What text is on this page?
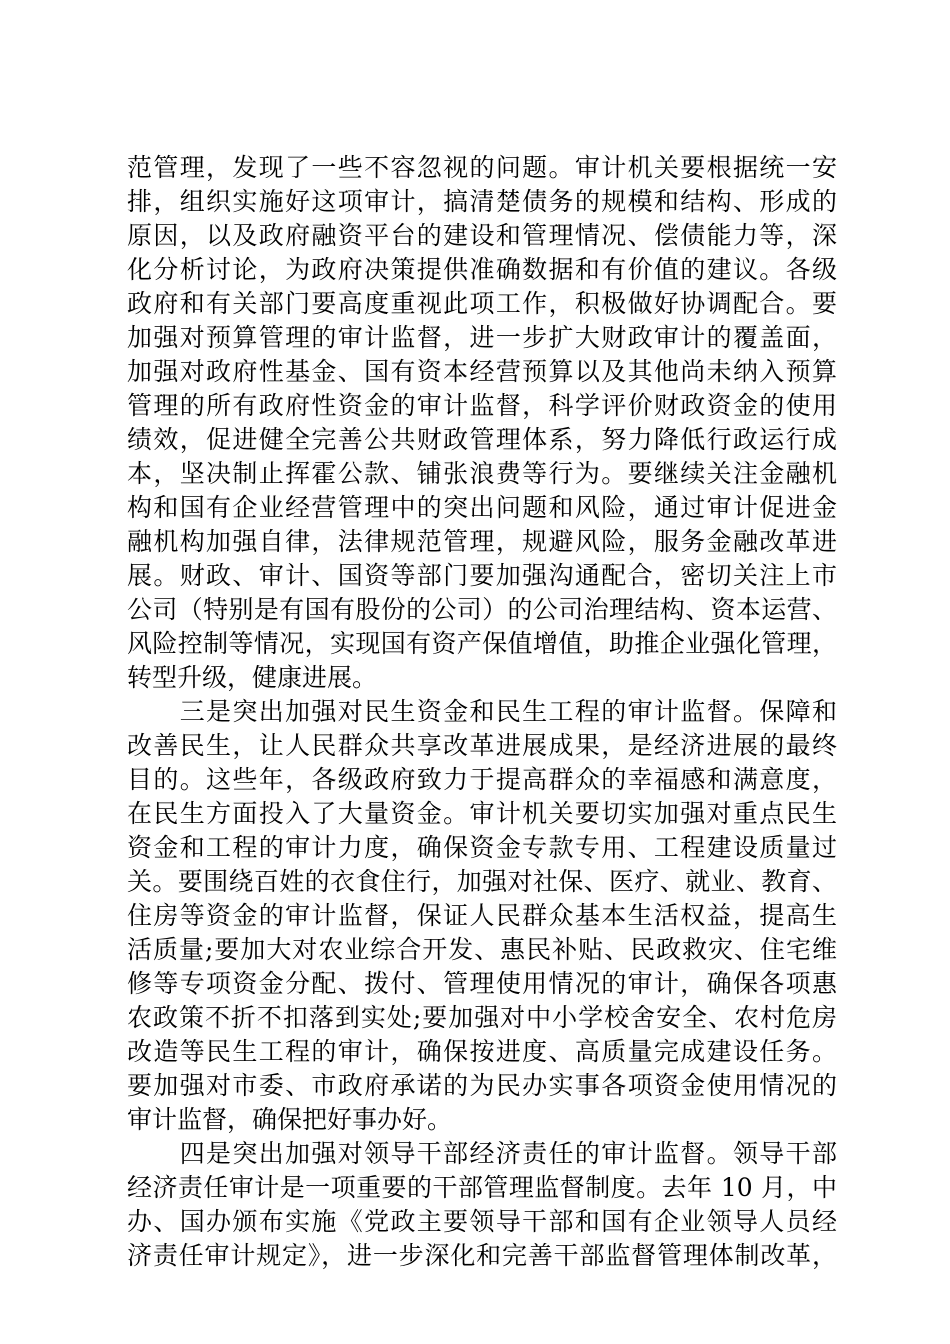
范管理，发现了一些不容忽视的问题。审计机关要根据统一安
排，组织实施好这项审计，搞清楚债务的规模和结构、形成的
原因，以及政府融资平台的建设和管理情况、偿债能力等，深
化分析讨论，为政府决策提供准确数据和有价值的建议。各级
政府和有关部门要高度重视此项工作，积极做好协调配合。要
加强对预算管理的审计监督，进一步扩大财政审计的覆盖面，
加强对政府性基金、国有资本经营预算以及其他尚未纳入预算
管理的所有政府性资金的审计监督，科学评价财政资金的使用
绩效，促进健全完善公共财政管理体系，努力降低行政运行成
本，坚决制止挥霍公款、铺张浪费等行为。要继续关注金融机
构和国有企业经营管理中的突出问题和风险，通过审计促进金
融机构加强自律，法律规范管理，规避风险，服务金融改革进
展。财政、审计、国资等部门要加强沟通配合，密切关注上市
公司（特别是有国有股份的公司）的公司治理结构、资本运营、
风险控制等情况，实现国有资产保值增值，助推企业强化管理，
转型升级，健康进展。
　　三是突出加强对民生资金和民生工程的审计监督。保障和
改善民生，让人民群众共享改革进展成果，是经济进展的最终
目的。这些年，各级政府致力于提高群众的幸福感和满意度，
在民生方面投入了大量资金。审计机关要切实加强对重点民生
资金和工程的审计力度，确保资金专款专用、工程建设质量过
关。要围绕百姓的衣食住行，加强对社保、医疗、就业、教育、
住房等资金的审计监督，保证人民群众基本生活权益，提高生
活质量;要加大对农业综合开发、惠民补贴、民政救灾、住宅维
修等专项资金分配、拨付、管理使用情况的审计，确保各项惠
农政策不折不扣落到实处;要加强对中小学校舍安全、农村危房
改造等民生工程的审计，确保按进度、高质量完成建设任务。
要加强对市委、市政府承诺的为民办实事各项资金使用情况的
审计监督，确保把好事办好。
　　四是突出加强对领导干部经济责任的审计监督。领导干部
经济责任审计是一项重要的干部管理监督制度。去年 10 月，中
办、国办颁布实施《党政主要领导干部和国有企业领导人员经
济责任审计规定》，进一步深化和完善干部监督管理体制改革，
